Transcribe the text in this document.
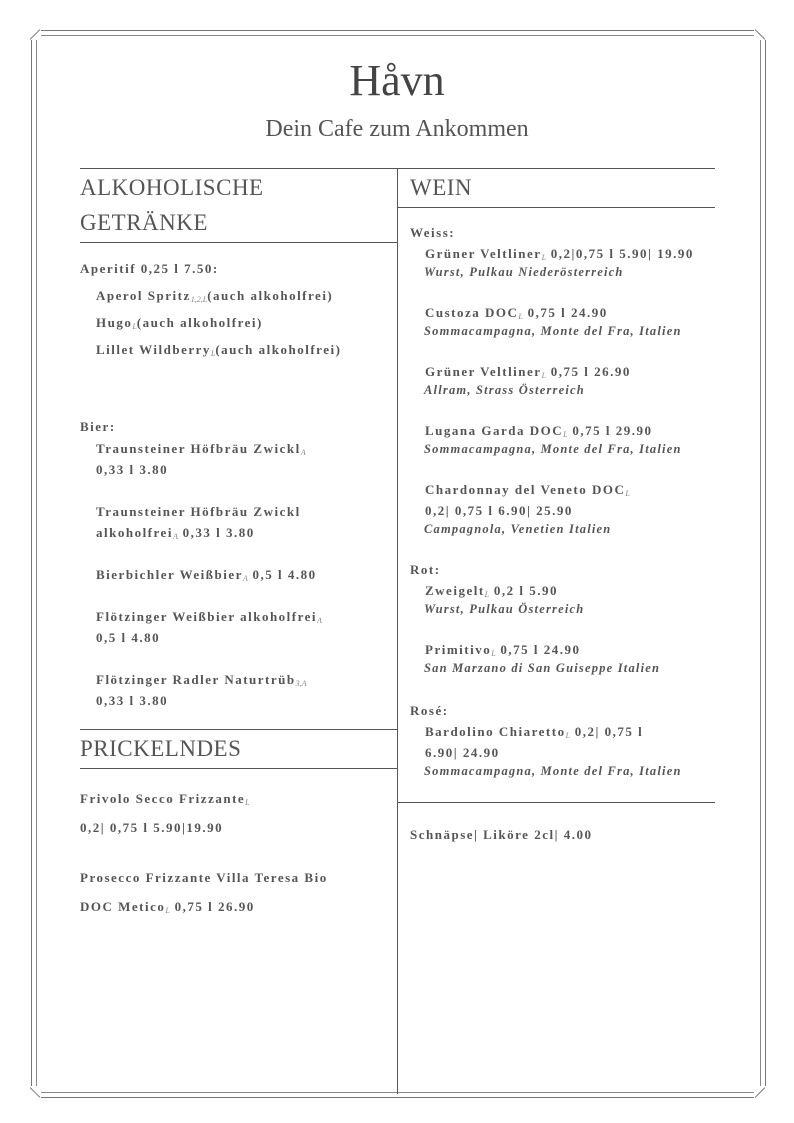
Håvn
Dein Cafe zum Ankommen
ALKOHOLISCHE
GETRÄNKE
Aperitif 0,25 l 7.50:
Aperol Spritz$_{1,2,L}$(auch alkoholfrei)
Hugo$_L$(auch alkoholfrei)
Lillet Wildberry$_L$(auch alkoholfrei)
Bier:
Traunsteiner Höfbräu Zwickl$_A$
0,33 l 3.80
Traunsteiner Höfbräu Zwickl
alkoholfrei$_A$ 0,33 l 3.80
Bierbichler Weißbier$_A$ 0,5 l 4.80
Flötzinger Weißbier alkoholfrei$_A$
0,5 l 4.80
Flötzinger Radler Naturtrüb$_{3,A}$
0,33 l 3.80
PRICKELNDES
Frivolo Secco Frizzante$_L$
0,2| 0,75 l 5.90|19.90
Prosecco Frizzante Villa Teresa Bio
DOC Metico$_L$ 0,75 l 26.90
WEIN
Weiss:
Grüner Veltliner$_L$ 0,2|0,75 l 5.90| 19.90
Wurst, Pulkau Niederösterreich
Custoza $DOC_L$ 0,75 l 24.90
Sommacampagna, Monte del Fra, Italien
Grüner Veltliner$_L$ 0,75 l 26.90
Allram, Strass Österreich
Lugana Garda $DOC_L$ 0,75 l 29.90
Sommacampagna, Monte del Fra, Italien
Chardonnay del Veneto $DOC_L$
0,2| 0,75 l 6.90| 25.90
Campagnola, Venetien Italien
Rot:
Zweigelt$_L$ 0,2 l 5.90
Wurst, Pulkau Österreich
Primitivo$_L$ 0,75 l 24.90
San Marzano di San Guiseppe Italien
Rosé:
Bardolino Chiaretto$_L$ 0,2| 0,75 l
6.90| 24.90
Sommacampagna, Monte del Fra, Italien
Schnäpse| Liköre 2cl| 4.00
